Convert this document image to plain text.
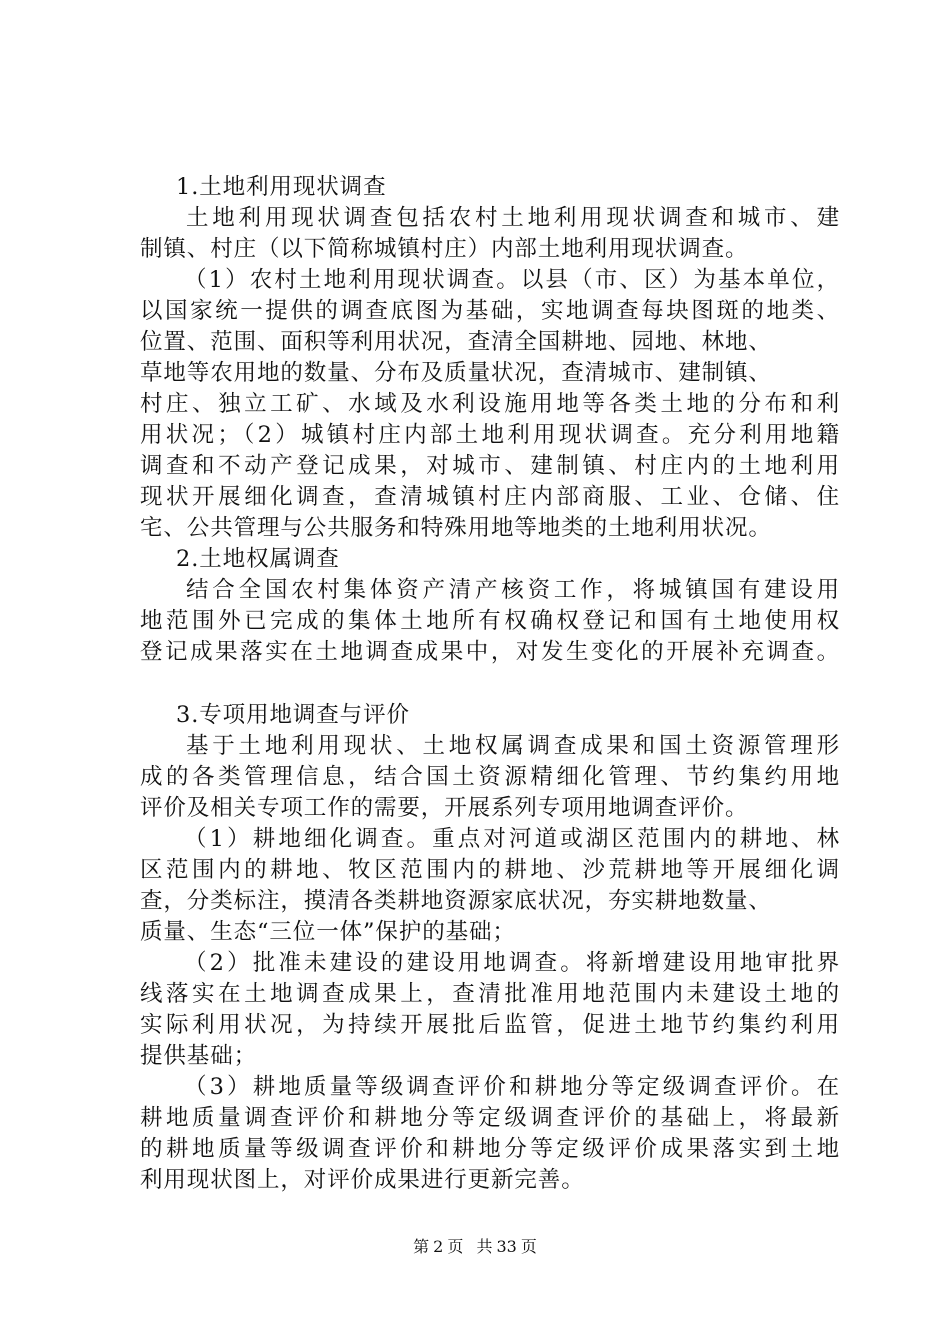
1.土地利用现状调查
土地利用现状调查包括农村土地利用现状调查和城市、建
制镇、村庄（以下简称城镇村庄）内部土地利用现状调查。
（1）农村土地利用现状调查。以县（市、区）为基本单位，
以国家统一提供的调查底图为基础，实地调查每块图斑的地类、
位置、范围、面积等利用状况，查清全国耕地、园地、林地、
草地等农用地的数量、分布及质量状况，查清城市、建制镇、
村庄、独立工矿、水域及水利设施用地等各类土地的分布和利
用状况；（2）城镇村庄内部土地利用现状调查。充分利用地籍
调查和不动产登记成果，对城市、建制镇、村庄内的土地利用
现状开展细化调查，查清城镇村庄内部商服、工业、仓储、住
宅、公共管理与公共服务和特殊用地等地类的土地利用状况。
2.土地权属调查
结合全国农村集体资产清产核资工作，将城镇国有建设用
地范围外已完成的集体土地所有权确权登记和国有土地使用权
登记成果落实在土地调查成果中，对发生变化的开展补充调查。
3.专项用地调查与评价
基于土地利用现状、土地权属调查成果和国土资源管理形
成的各类管理信息，结合国土资源精细化管理、节约集约用地
评价及相关专项工作的需要，开展系列专项用地调查评价。
（1）耕地细化调查。重点对河道或湖区范围内的耕地、林
区范围内的耕地、牧区范围内的耕地、沙荒耕地等开展细化调
查，分类标注，摸清各类耕地资源家底状况，夯实耕地数量、
质量、生态“三位一体”保护的基础；
（2）批准未建设的建设用地调查。将新增建设用地审批界
线落实在土地调查成果上，查清批准用地范围内未建设土地的
实际利用状况，为持续开展批后监管，促进土地节约集约利用
提供基础；
（3）耕地质量等级调查评价和耕地分等定级调查评价。在
耕地质量调查评价和耕地分等定级调查评价的基础上，将最新
的耕地质量等级调查评价和耕地分等定级评价成果落实到土地
利用现状图上，对评价成果进行更新完善。
第 2 页 共 33 页
